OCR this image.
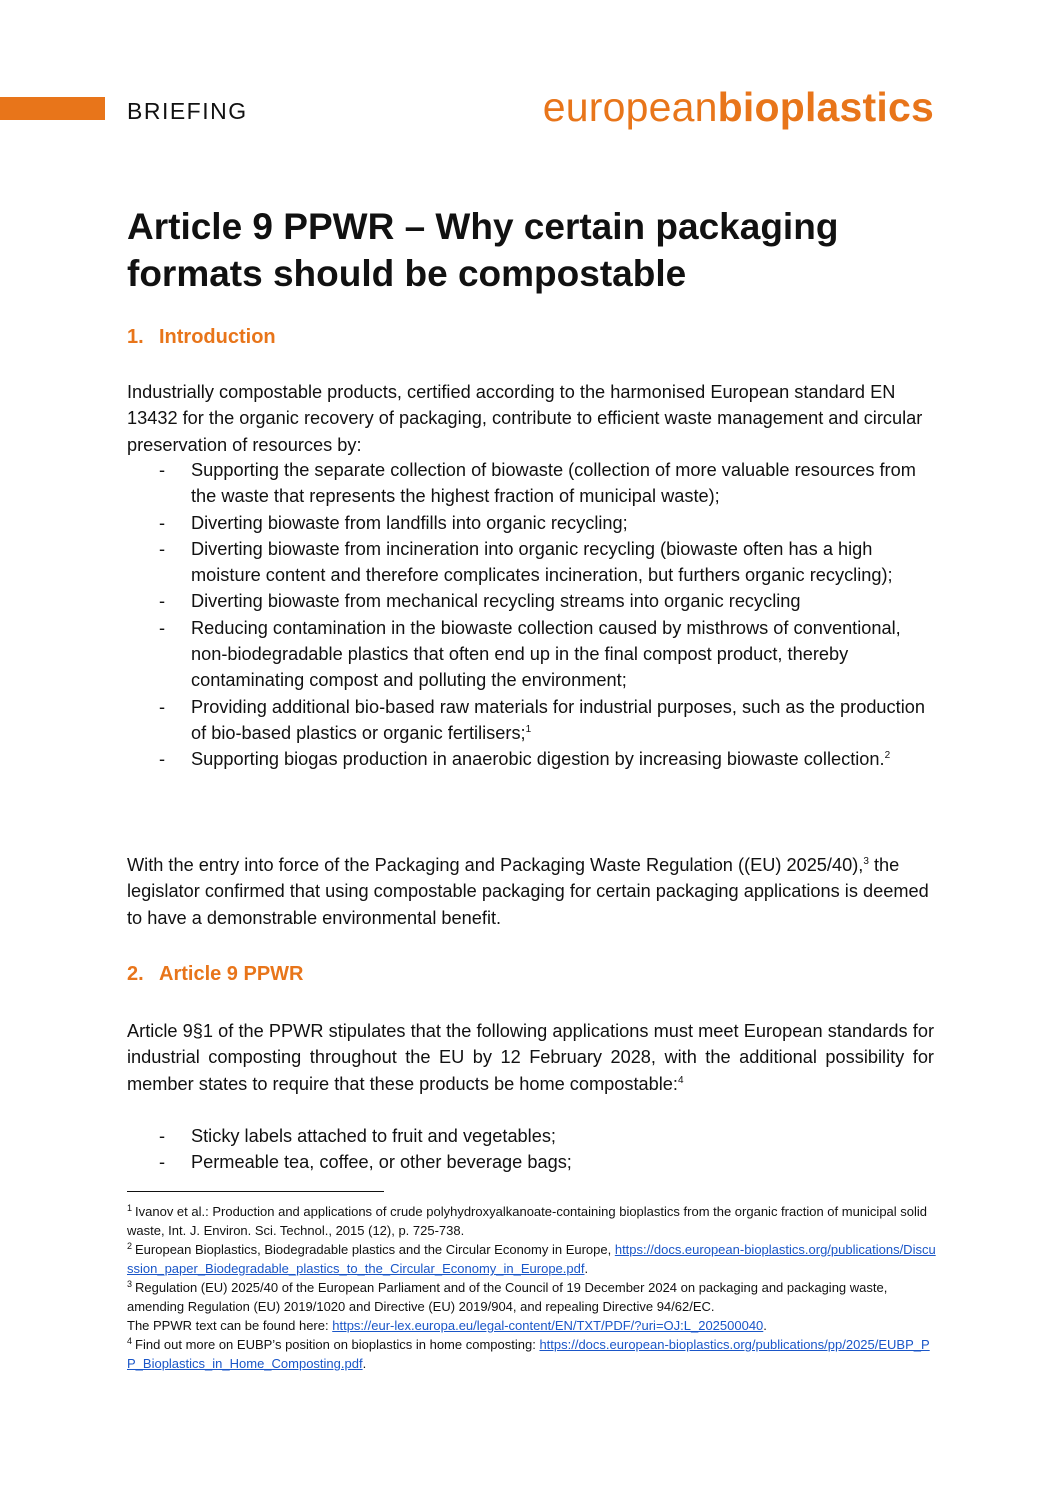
BRIEFING	europeanbioplastics
Article 9 PPWR – Why certain packaging formats should be compostable
1. Introduction

Industrially compostable products, certified according to the harmonised European standard EN 13432 for the organic recovery of packaging, contribute to efficient waste management and circular preservation of resources by:

- Supporting the separate collection of biowaste (collection of more valuable resources from the waste that represents the highest fraction of municipal waste);
- Diverting biowaste from landfills into organic recycling;
- Diverting biowaste from incineration into organic recycling (biowaste often has a high moisture content and therefore complicates incineration, but furthers organic recycling);
- Diverting biowaste from mechanical recycling streams into organic recycling
- Reducing contamination in the biowaste collection caused by misthrows of conventional, non-biodegradable plastics that often end up in the final compost product, thereby contaminating compost and polluting the environment;
- Providing additional bio-based raw materials for industrial purposes, such as the production of bio-based plastics or organic fertilisers;$^1$
- Supporting biogas production in anaerobic digestion by increasing biowaste collection.$^2$

With the entry into force of the Packaging and Packaging Waste Regulation ((EU) 2025/40),$^3$ the legislator confirmed that using compostable packaging for certain packaging applications is deemed to have a demonstrable environmental benefit.

2. Article 9 PPWR

Article 9§1 of the PPWR stipulates that the following applications must meet European standards for industrial composting throughout the EU by 12 February 2028, with the additional possibility for member states to require that these products be home compostable:$^4$

- Sticky labels attached to fruit and vegetables;
- Permeable tea, coffee, or other beverage bags;
$^1$ Ivanov et al.: Production and applications of crude polyhydroxyalkanoate-containing bioplastics from the organic fraction of municipal solid waste, Int. J. Environ. Sci. Technol., 2015 (12), p. 725-738.
$^2$ European Bioplastics, Biodegradable plastics and the Circular Economy in Europe, https://docs.european-bioplastics.org/publications/Discussion_paper_Biodegradable_plastics_to_the_Circular_Economy_in_Europe.pdf.
$^3$ Regulation (EU) 2025/40 of the European Parliament and of the Council of 19 December 2024 on packaging and packaging waste, amending Regulation (EU) 2019/1020 and Directive (EU) 2019/904, and repealing Directive 94/62/EC.
The PPWR text can be found here: https://eur-lex.europa.eu/legal-content/EN/TXT/PDF/?uri=OJ:L_202500040.
$^4$ Find out more on EUBP’s position on bioplastics in home composting: https://docs.european-bioplastics.org/publications/pp/2025/EUBP_PP_Bioplastics_in_Home_Composting.pdf.
